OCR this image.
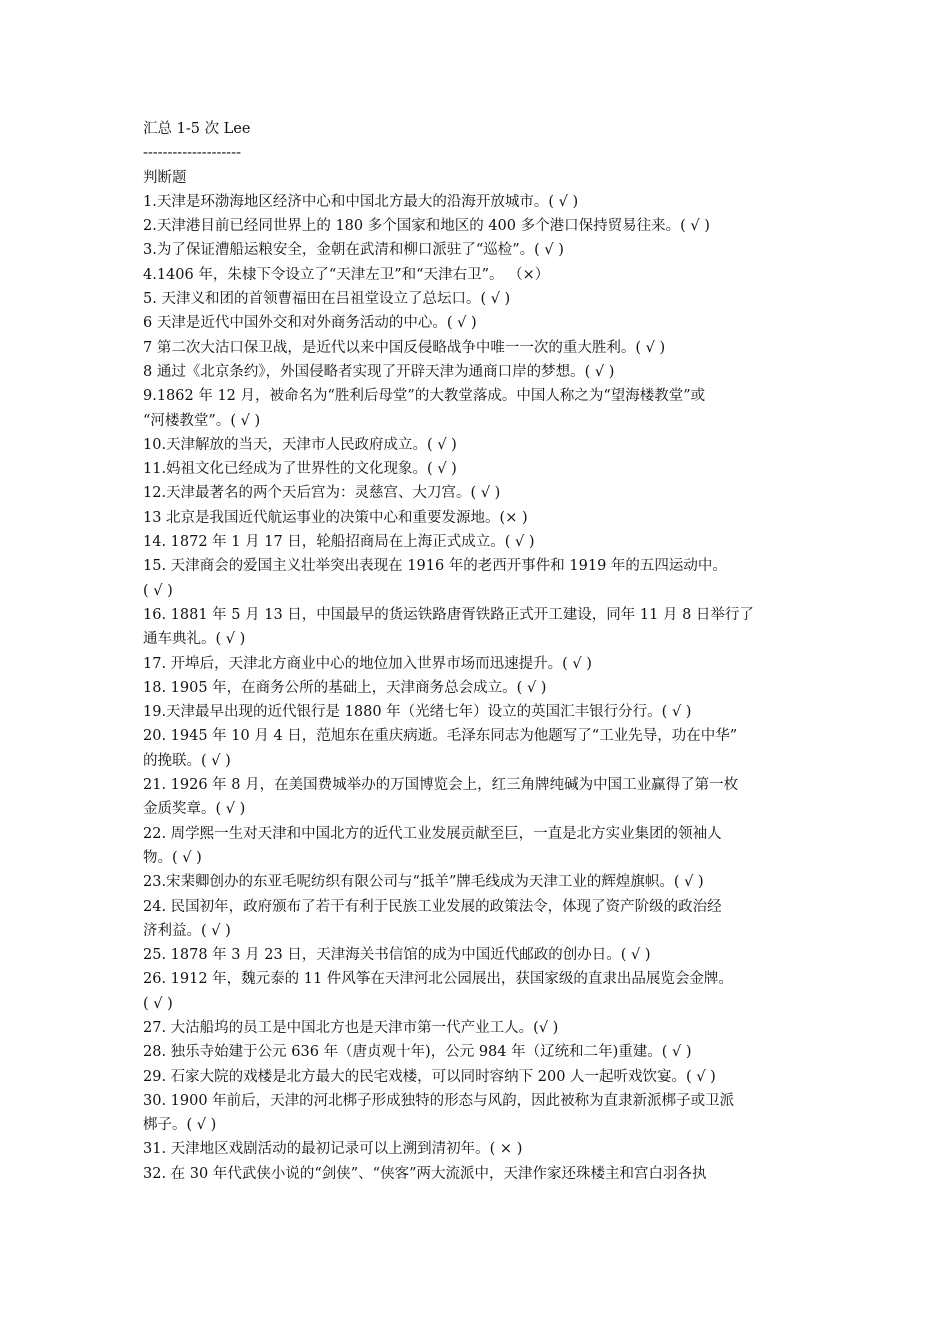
汇总 1-5 次 Lee
--------------------
判断题
1.天津是环渤海地区经济中心和中国北方最大的沿海开放城市。( √ )
2.天津港目前已经同世界上的 180 多个国家和地区的 400 多个港口保持贸易往来。( √ )
3.为了保证漕船运粮安全，金朝在武清和柳口派驻了“巡检”。( √ )
4.1406 年，朱棣下令设立了“天津左卫”和“天津右卫”。 （×）
5. 天津义和团的首领曹福田在吕祖堂设立了总坛口。( √ )
6 天津是近代中国外交和对外商务活动的中心。( √ )
7 第二次大沽口保卫战，是近代以来中国反侵略战争中唯一一次的重大胜利。( √ )
8 通过《北京条约》，外国侵略者实现了开辟天津为通商口岸的梦想。( √ )
9.1862 年 12 月，被命名为“胜利后母堂”的大教堂落成。中国人称之为“望海楼教堂”或
“河楼教堂”。( √ )
10.天津解放的当天，天津市人民政府成立。( √ )
11.妈祖文化已经成为了世界性的文化现象。( √ )
12.天津最著名的两个天后宫为：灵慈宫、大刀宫。( √ )
13 北京是我国近代航运事业的决策中心和重要发源地。(× )
14. 1872 年 1 月 17 日，轮船招商局在上海正式成立。( √ )
15. 天津商会的爱国主义壮举突出表现在 1916 年的老西开事件和 1919 年的五四运动中。
( √ )
16. 1881 年 5 月 13 日，中国最早的货运铁路唐胥铁路正式开工建设，同年 11 月 8 日举行了
通车典礼。( √ )
17. 开埠后，天津北方商业中心的地位加入世界市场而迅速提升。( √ )
18. 1905 年，在商务公所的基础上，天津商务总会成立。( √ )
19.天津最早出现的近代银行是 1880 年（光绪七年）设立的英国汇丰银行分行。( √ )
20. 1945 年 10 月 4 日，范旭东在重庆病逝。毛泽东同志为他题写了“工业先导，功在中华”
的挽联。( √ )
21. 1926 年 8 月，在美国费城举办的万国博览会上，红三角牌纯碱为中国工业赢得了第一枚
金质奖章。( √ )
22. 周学熙一生对天津和中国北方的近代工业发展贡献至巨，一直是北方实业集团的领袖人
物。( √ )
23.宋棐卿创办的东亚毛呢纺织有限公司与“抵羊”牌毛线成为天津工业的辉煌旗帜。( √ )
24. 民国初年，政府颁布了若干有利于民族工业发展的政策法令，体现了资产阶级的政治经
济利益。( √ )
25. 1878 年 3 月 23 日，天津海关书信馆的成为中国近代邮政的创办日。( √ )
26. 1912 年，魏元泰的 11 件风筝在天津河北公园展出，获国家级的直隶出品展览会金牌。
( √ )
27. 大沽船坞的员工是中国北方也是天津市第一代产业工人。(√ )
28. 独乐寺始建于公元 636 年（唐贞观十年)，公元 984 年（辽统和二年)重建。( √ )
29. 石家大院的戏楼是北方最大的民宅戏楼，可以同时容纳下 200 人一起听戏饮宴。( √ )
30. 1900 年前后，天津的河北梆子形成独特的形态与风韵，因此被称为直隶新派梆子或卫派
梆子。( √ )
31. 天津地区戏剧活动的最初记录可以上溯到清初年。( × )
32. 在 30 年代武侠小说的“剑侠”、“侠客”两大流派中，天津作家还珠楼主和宫白羽各执
